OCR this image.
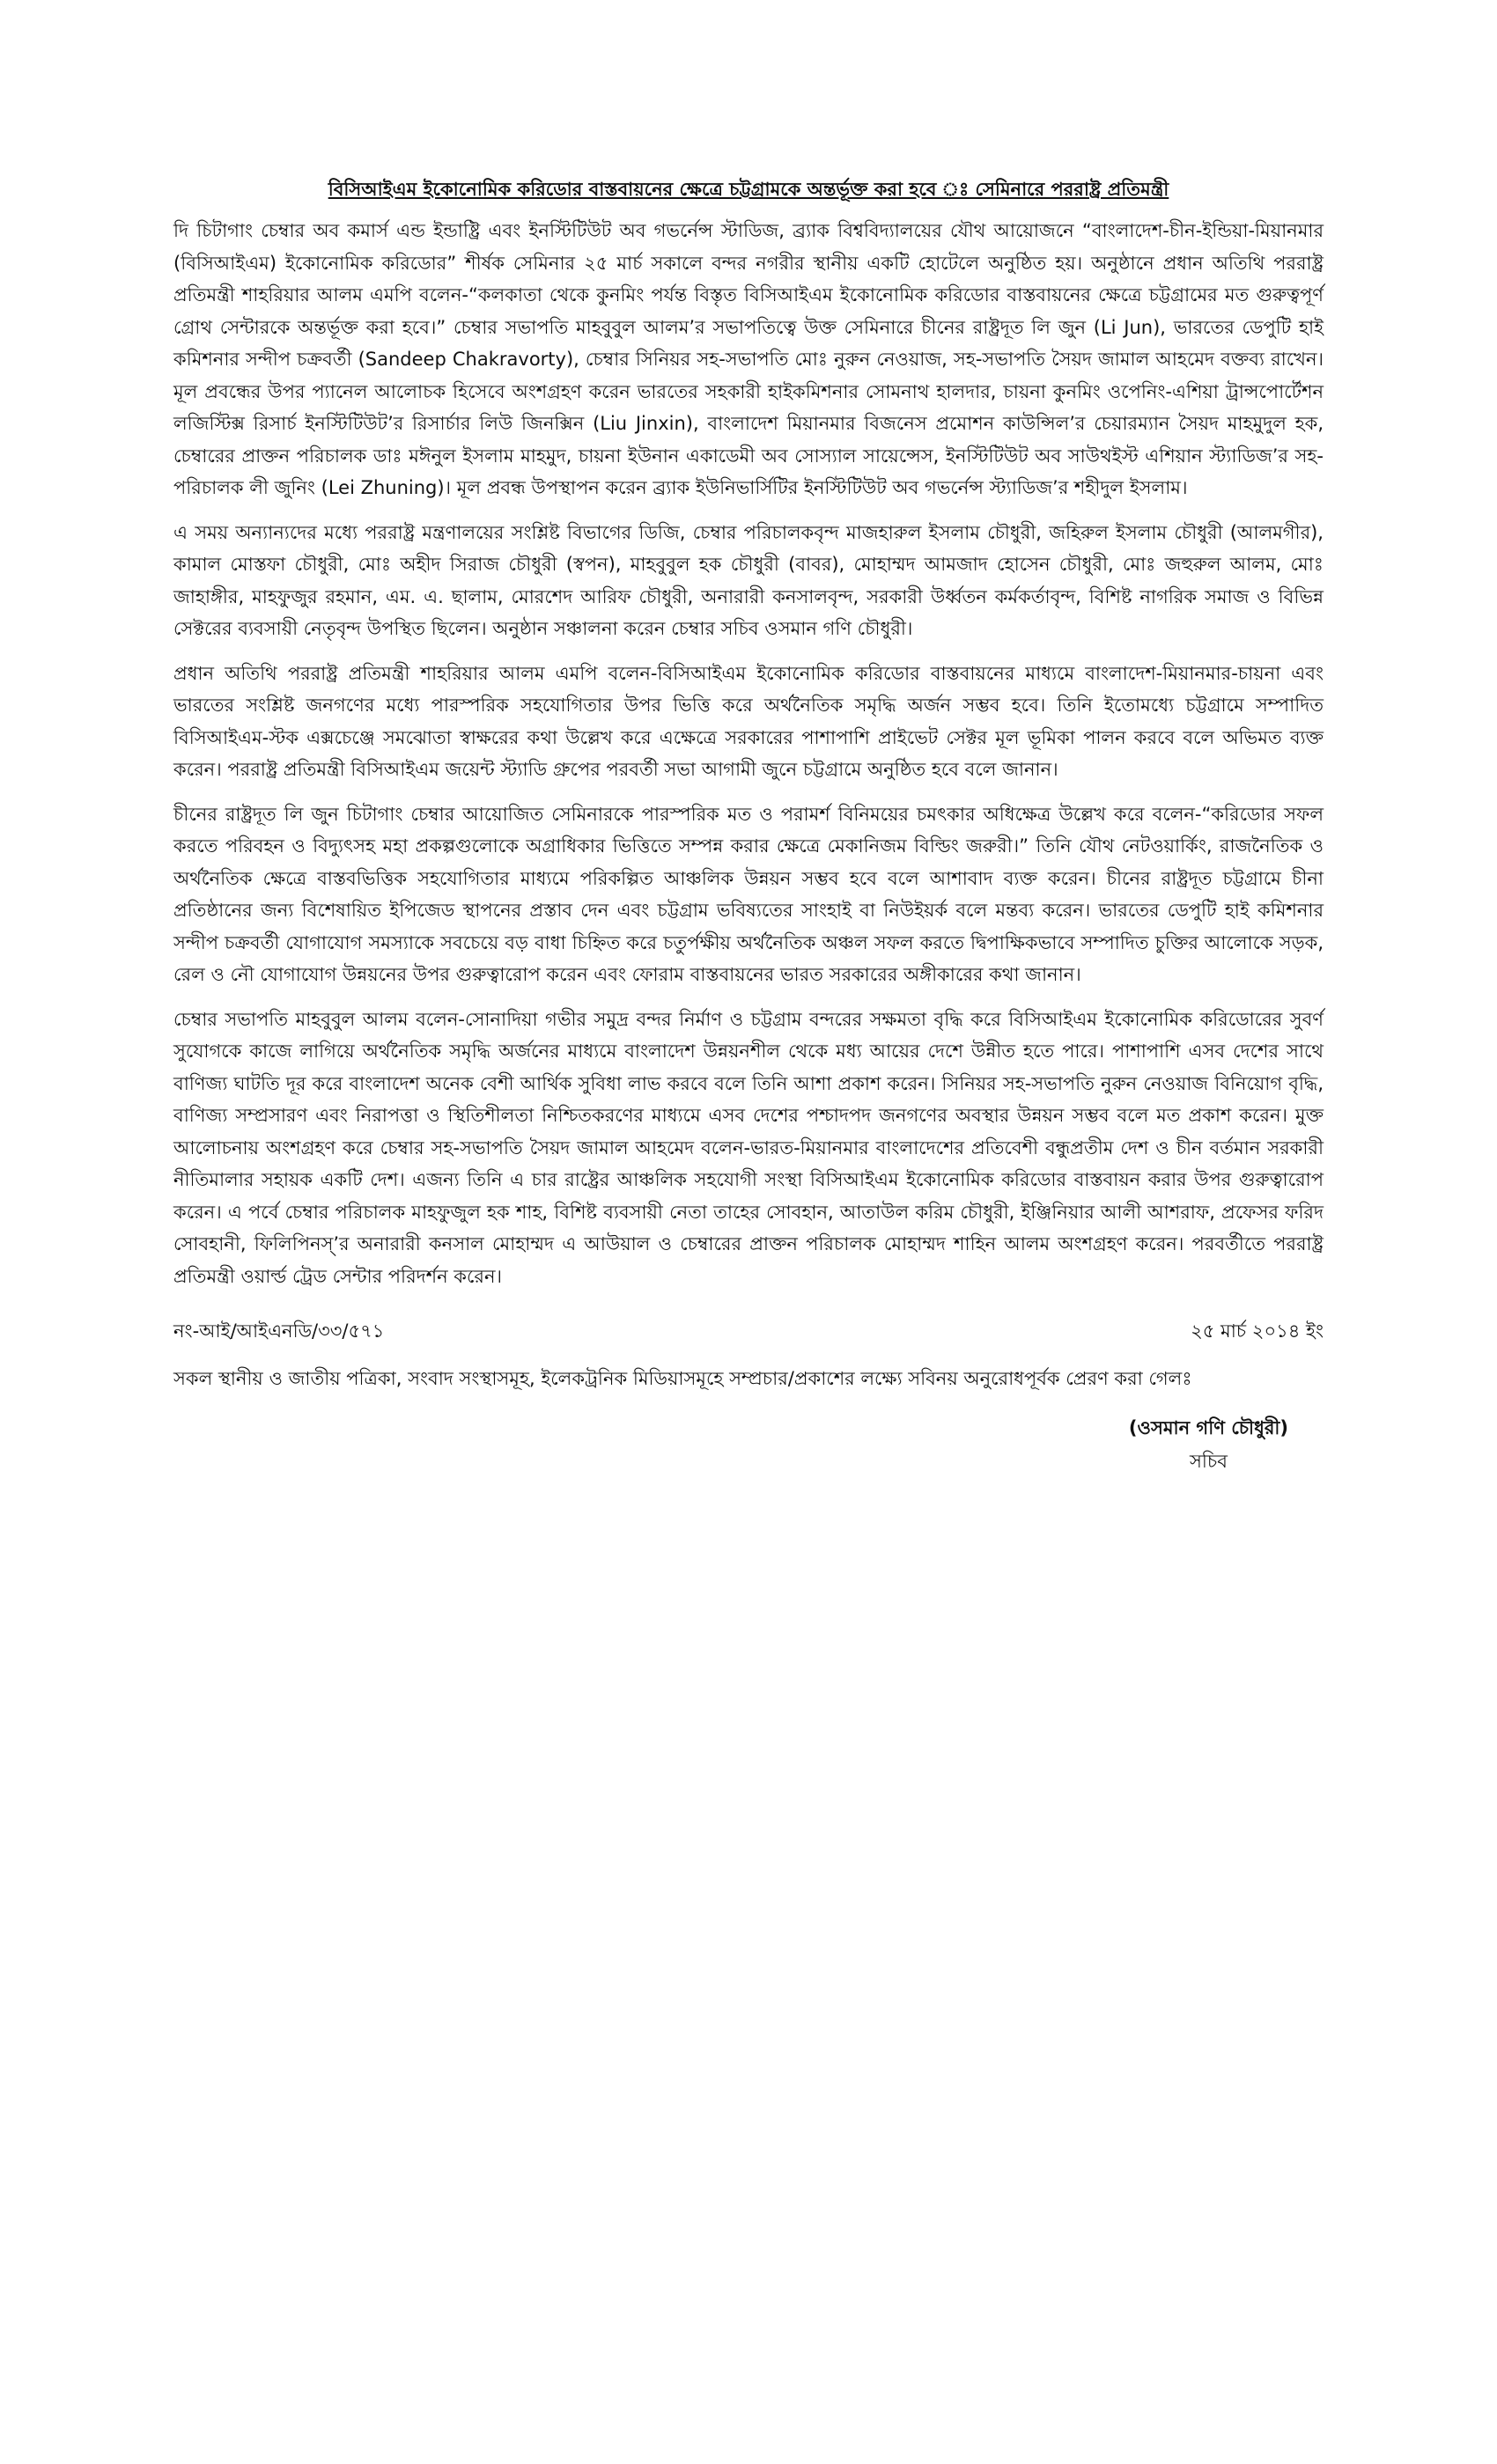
বিসিআইএম ইকোনোমিক করিডোর বাস্তবায়নের ক্ষেত্রে চট্টগ্রামকে অন্তর্ভূক্ত করা হবে ঃ সেমিনারে পররাষ্ট্র প্রতিমন্ত্রী

দি চিটাগাং চেম্বার অব কমার্স এন্ড ইন্ডাষ্ট্রি এবং ইনস্টিটিউট অব গভর্নেন্স স্টাডিজ, ব্র্যাক বিশ্ববিদ্যালয়ের যৌথ আয়োজনে “বাংলাদেশ-চীন-ইন্ডিয়া-মিয়ানমার (বিসিআইএম) ইকোনোমিক করিডোর” শীর্ষক সেমিনার ২৫ মার্চ সকালে বন্দর নগরীর স্থানীয় একটি হোটেলে অনুষ্ঠিত হয়। অনুষ্ঠানে প্রধান অতিথি পররাষ্ট্র প্রতিমন্ত্রী শাহরিয়ার আলম এমপি বলেন-“কলকাতা থেকে কুনমিং পর্যন্ত বিস্তৃত বিসিআইএম ইকোনোমিক করিডোর বাস্তবায়নের ক্ষেত্রে চট্টগ্রামের মত গুরুত্বপূর্ণ গ্রোথ সেন্টারকে অন্তর্ভূক্ত করা হবে।” চেম্বার সভাপতি মাহবুবুল আলম’র সভাপতিত্বে উক্ত সেমিনারে চীনের রাষ্ট্রদূত লি জুন (Li Jun), ভারতের ডেপুটি হাই কমিশনার সন্দীপ চক্রবর্তী (Sandeep Chakravorty), চেম্বার সিনিয়র সহ-সভাপতি মোঃ নুরুন নেওয়াজ, সহ-সভাপতি সৈয়দ জামাল আহমেদ বক্তব্য রাখেন। মূল প্রবন্ধের উপর প্যানেল আলোচক হিসেবে অংশগ্রহণ করেন ভারতের সহকারী হাইকমিশনার সোমনাথ হালদার, চায়না কুনমিং ওপেনিং-এশিয়া ট্রান্সপোর্টেশন লজিস্টিক্স রিসার্চ ইনস্টিটিউট’র রিসার্চার লিউ জিনক্সিন (Liu Jinxin), বাংলাদেশ মিয়ানমার বিজনেস প্রমোশন কাউন্সিল’র চেয়ারম্যান সৈয়দ মাহমুদুল হক, চেম্বারের প্রাক্তন পরিচালক ডাঃ মঈনুল ইসলাম মাহমুদ, চায়না ইউনান একাডেমী অব সোস্যাল সায়েন্সেস, ইনস্টিটিউট অব সাউথইস্ট এশিয়ান স্ট্যাডিজ’র সহ-পরিচালক লী জুনিং (Lei Zhuning)। মূল প্রবন্ধ উপস্থাপন করেন ব্র্যাক ইউনিভার্সিটির ইনস্টিটিউট অব গভর্নেন্স স্ট্যাডিজ’র শহীদুল ইসলাম।

এ সময় অন্যান্যদের মধ্যে পররাষ্ট্র মন্ত্রণালয়ের সংশ্লিষ্ট বিভাগের ডিজি, চেম্বার পরিচালকবৃন্দ মাজহারুল ইসলাম চৌধুরী, জহিরুল ইসলাম চৌধুরী (আলমগীর), কামাল মোস্তফা চৌধুরী, মোঃ অহীদ সিরাজ চৌধুরী (স্বপন), মাহবুবুল হক চৌধুরী (বাবর), মোহাম্মদ আমজাদ হোসেন চৌধুরী, মোঃ জহুরুল আলম, মোঃ জাহাঙ্গীর, মাহফুজুর রহমান, এম. এ. ছালাম, মোরশেদ আরিফ চৌধুরী, অনারারী কনসালবৃন্দ, সরকারী উর্ধ্বতন কর্মকর্তাবৃন্দ, বিশিষ্ট নাগরিক সমাজ ও বিভিন্ন সেক্টরের ব্যবসায়ী নেতৃবৃন্দ উপস্থিত ছিলেন। অনুষ্ঠান সঞ্চালনা করেন চেম্বার সচিব ওসমান গণি চৌধুরী।

প্রধান অতিথি পররাষ্ট্র প্রতিমন্ত্রী শাহরিয়ার আলম এমপি বলেন-বিসিআইএম ইকোনোমিক করিডোর বাস্তবায়নের মাধ্যমে বাংলাদেশ-মিয়ানমার-চায়না এবং ভারতের সংশ্লিষ্ট জনগণের মধ্যে পারস্পরিক সহযোগিতার উপর ভিত্তি করে অর্থনৈতিক সমৃদ্ধি অর্জন সম্ভব হবে। তিনি ইতোমধ্যে চট্টগ্রামে সম্পাদিত বিসিআইএম-স্টক এক্সচেঞ্জে সমঝোতা স্বাক্ষরের কথা উল্লেখ করে এক্ষেত্রে সরকারের পাশাপাশি প্রাইভেট সেক্টর মূল ভূমিকা পালন করবে বলে অভিমত ব্যক্ত করেন। পররাষ্ট্র প্রতিমন্ত্রী বিসিআইএম জয়েন্ট স্ট্যাডি গ্রুপের পরবর্তী সভা আগামী জুনে চট্টগ্রামে অনুষ্ঠিত হবে বলে জানান।

চীনের রাষ্ট্রদূত লি জুন চিটাগাং চেম্বার আয়োজিত সেমিনারকে পারস্পরিক মত ও পরামর্শ বিনিময়ের চমৎকার অধিক্ষেত্র উল্লেখ করে বলেন-“করিডোর সফল করতে পরিবহন ও বিদ্যুৎসহ মহা প্রকল্পগুলোকে অগ্রাধিকার ভিত্তিতে সম্পন্ন করার ক্ষেত্রে মেকানিজম বিল্ডিং জরুরী।” তিনি যৌথ নেটওয়ার্কিং, রাজনৈতিক ও অর্থনৈতিক ক্ষেত্রে বাস্তবভিত্তিক সহযোগিতার মাধ্যমে পরিকল্পিত আঞ্চলিক উন্নয়ন সম্ভব হবে বলে আশাবাদ ব্যক্ত করেন। চীনের রাষ্ট্রদূত চট্টগ্রামে চীনা প্রতিষ্ঠানের জন্য বিশেষায়িত ইপিজেড স্থাপনের প্রস্তাব দেন এবং চট্টগ্রাম ভবিষ্যতের সাংহাই বা নিউইয়র্ক বলে মন্তব্য করেন। ভারতের ডেপুটি হাই কমিশনার সন্দীপ চক্রবর্তী যোগাযোগ সমস্যাকে সবচেয়ে বড় বাধা চিহ্নিত করে চতুর্পক্ষীয় অর্থনৈতিক অঞ্চল সফল করতে দ্বিপাক্ষিকভাবে সম্পাদিত চুক্তির আলোকে সড়ক, রেল ও নৌ যোগাযোগ উন্নয়নের উপর গুরুত্বারোপ করেন এবং ফোরাম বাস্তবায়নের ভারত সরকারের অঙ্গীকারের কথা জানান।

চেম্বার সভাপতি মাহবুবুল আলম বলেন-সোনাদিয়া গভীর সমুদ্র বন্দর নির্মাণ ও চট্টগ্রাম বন্দরের সক্ষমতা বৃদ্ধি করে বিসিআইএম ইকোনোমিক করিডোরের সুবর্ণ সুযোগকে কাজে লাগিয়ে অর্থনৈতিক সমৃদ্ধি অর্জনের মাধ্যমে বাংলাদেশ উন্নয়নশীল থেকে মধ্য আয়ের দেশে উন্নীত হতে পারে। পাশাপাশি এসব দেশের সাথে বাণিজ্য ঘাটতি দূর করে বাংলাদেশ অনেক বেশী আর্থিক সুবিধা লাভ করবে বলে তিনি আশা প্রকাশ করেন। সিনিয়র সহ-সভাপতি নুরুন নেওয়াজ বিনিয়োগ বৃদ্ধি, বাণিজ্য সম্প্রসারণ এবং নিরাপত্তা ও স্থিতিশীলতা নিশ্চিতকরণের মাধ্যমে এসব দেশের পশ্চাদপদ জনগণের অবস্থার উন্নয়ন সম্ভব বলে মত প্রকাশ করেন। মুক্ত আলোচনায় অংশগ্রহণ করে চেম্বার সহ-সভাপতি সৈয়দ জামাল আহমেদ বলেন-ভারত-মিয়ানমার বাংলাদেশের প্রতিবেশী বন্ধুপ্রতীম দেশ ও চীন বর্তমান সরকারী নীতিমালার সহায়ক একটি দেশ। এজন্য তিনি এ চার রাষ্ট্রের আঞ্চলিক সহযোগী সংস্থা বিসিআইএম ইকোনোমিক করিডোর বাস্তবায়ন করার উপর গুরুত্বারোপ করেন। এ পর্বে চেম্বার পরিচালক মাহফুজুল হক শাহ, বিশিষ্ট ব্যবসায়ী নেতা তাহের সোবহান, আতাউল করিম চৌধুরী, ইঞ্জিনিয়ার আলী আশরাফ, প্রফেসর ফরিদ সোবহানী, ফিলিপিনস্’র অনারারী কনসাল মোহাম্মদ এ আউয়াল ও চেম্বারের প্রাক্তন পরিচালক মোহাম্মদ শাহিন আলম অংশগ্রহণ করেন। পরবর্তীতে পররাষ্ট্র প্রতিমন্ত্রী ওয়ার্ল্ড ট্রেড সেন্টার পরিদর্শন করেন।

নং-আই/আইএনডি/৩৩/৫৭১	২৫ মার্চ ২০১৪ ইং

সকল স্থানীয় ও জাতীয় পত্রিকা, সংবাদ সংস্থাসমূহ, ইলেকট্রনিক মিডিয়াসমূহে সম্প্রচার/প্রকাশের লক্ষ্যে সবিনয় অনুরোধপূর্বক প্রেরণ করা গেলঃ

(ওসমান গণি চৌধুরী)
সচিব
